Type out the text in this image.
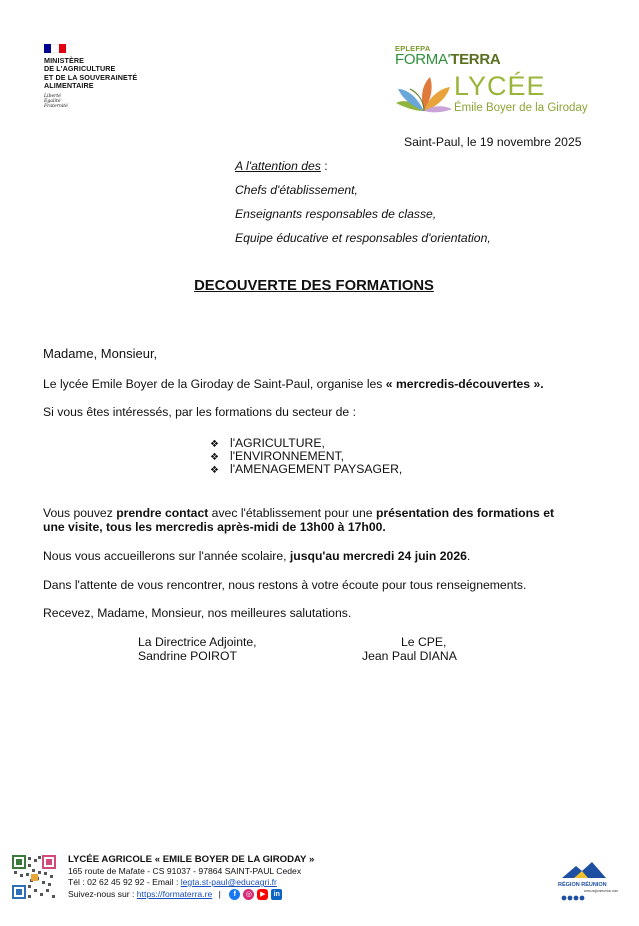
MINISTÈRE
DE L'AGRICULTURE
ET DE LA SOUVERAINETÉ
ALIMENTAIRE
Liberté
Égalité
Fraternité
EPLEFPA
FORMA'TERRA
LYCÉE
Émile Boyer de la Giroday
Saint-Paul, le 19 novembre 2025
A l'attention des :
Chefs d'établissement,
Enseignants responsables de classe,
Equipe éducative et responsables d'orientation,
DECOUVERTE DES FORMATIONS
Madame, Monsieur,
Le lycée Emile Boyer de la Giroday de Saint-Paul, organise les « mercredis-découvertes ».
Si vous êtes intéressés, par les formations du secteur de :
❖ l'AGRICULTURE,
❖ l'ENVIRONNEMENT,
❖ l'AMENAGEMENT PAYSAGER,
Vous pouvez prendre contact avec l'établissement pour une présentation des formations et
une visite, tous les mercredis après-midi de 13h00 à 17h00.
Nous vous accueillerons sur l'année scolaire, jusqu'au mercredi 24 juin 2026.
Dans l'attente de vous rencontrer, nous restons à votre écoute pour tous renseignements.
Recevez, Madame, Monsieur, nos meilleures salutations.
La Directrice Adjointe,
Sandrine POIROT
Le CPE,
Jean Paul DIANA
LYCÉE AGRICOLE « EMILE BOYER DE LA GIRODAY »
165 route de Mafate - CS 91037 - 97864 SAINT-PAUL Cedex
Tél : 02 62 45 92 92 - Email : legta.st-paul@educagri.fr
Suivez-nous sur : https://formaterra.re |	f	◎	▶	in
RÉGION RÉUNION
www.regionreunion.com
